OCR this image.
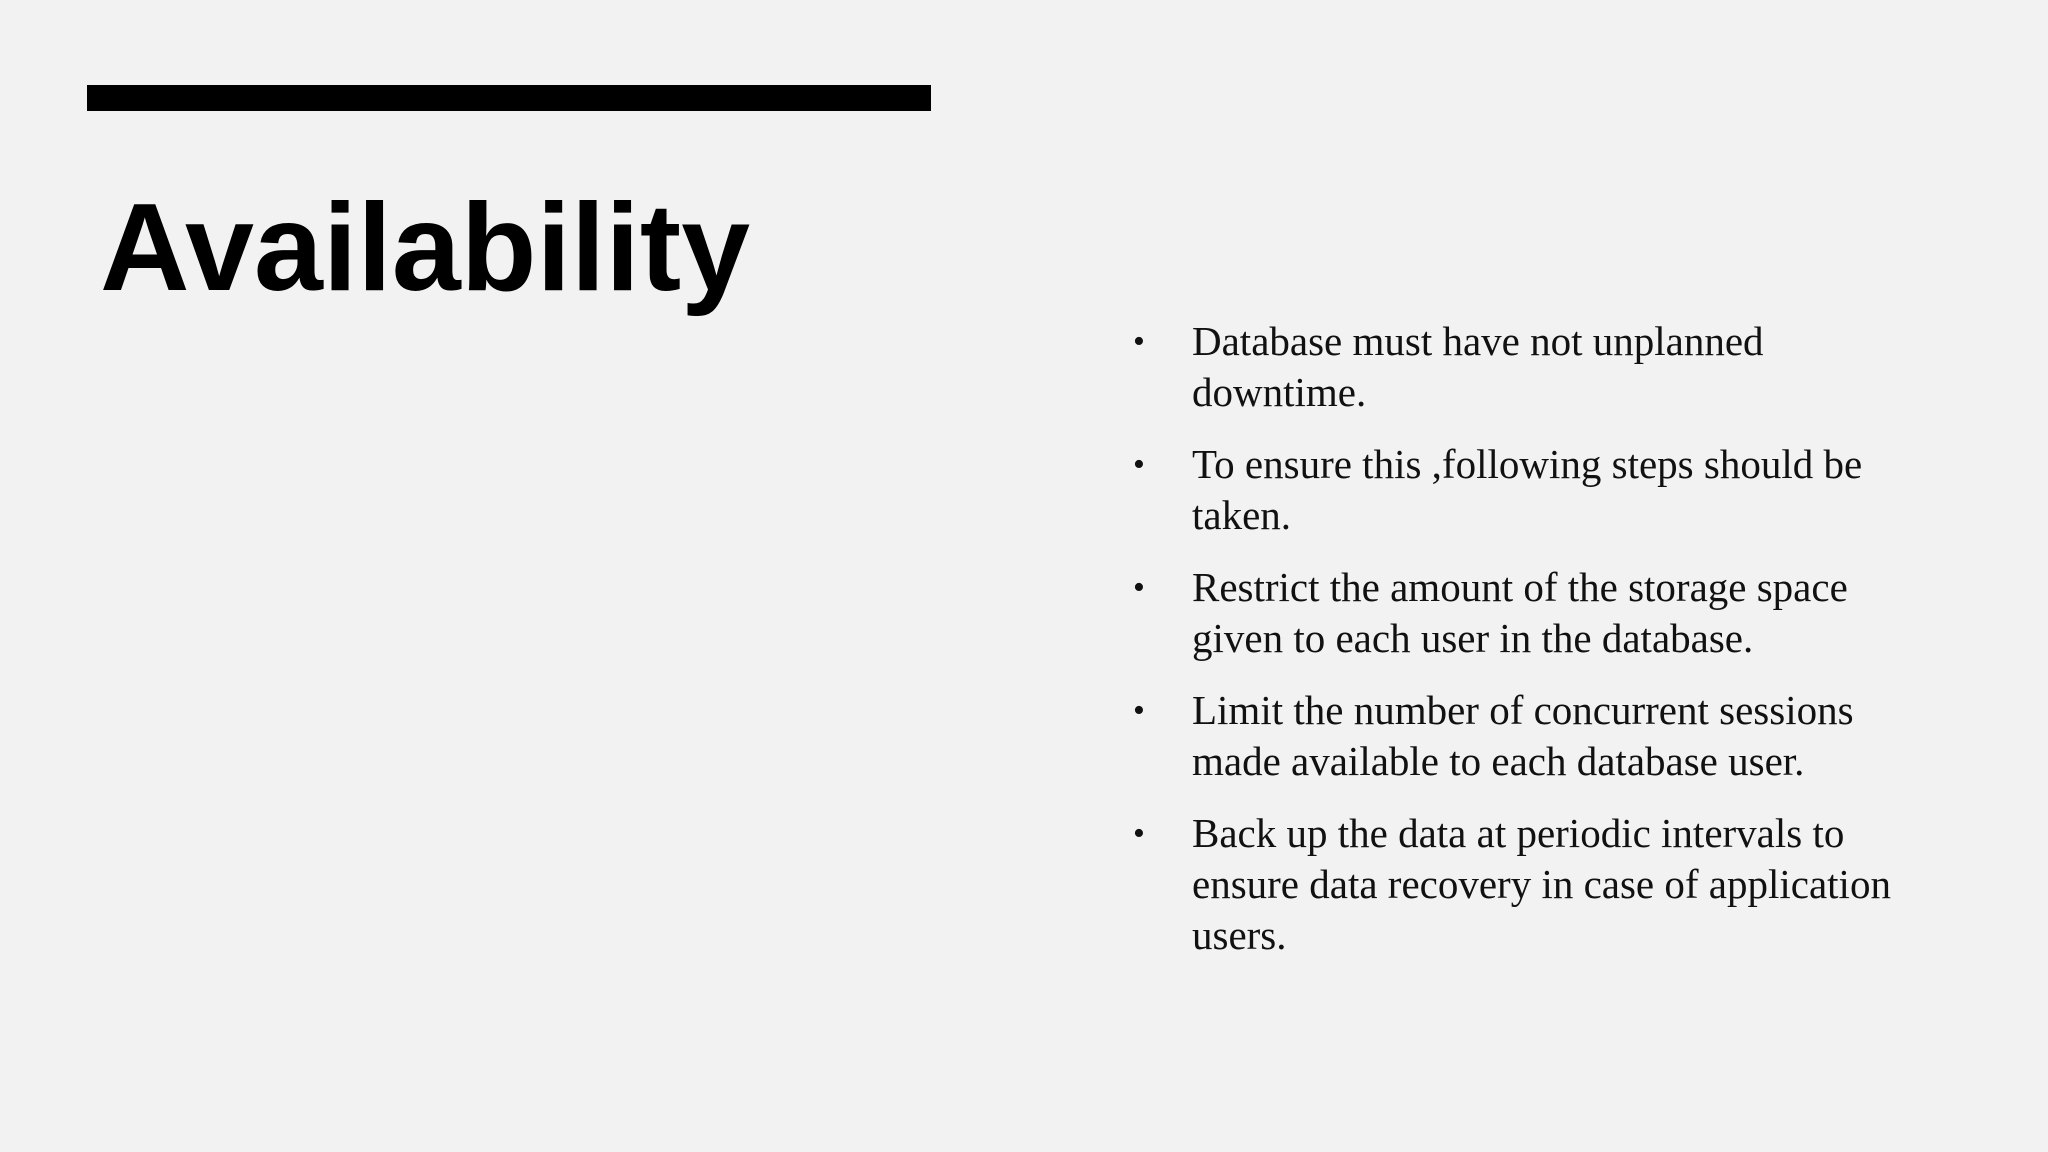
Availability
• Database must have not unplanned downtime.
• To ensure this ,following steps should be taken.
• Restrict the amount of the storage space given to each user in the database.
• Limit the number of concurrent sessions made available to each database user.
• Back up the data at periodic intervals to ensure data recovery in case of application users.
